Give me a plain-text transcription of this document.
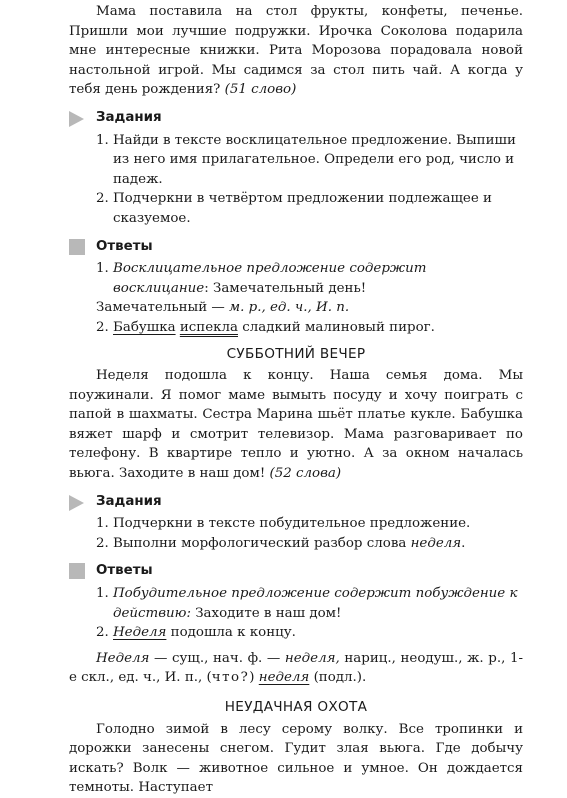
Мама поставила на стол фрукты, конфеты, печенье. Пришли мои лучшие подружки. Ирочка Соколова подарила мне интересные книжки. Рита Морозова порадовала новой настольной игрой. Мы садимся за стол пить чай. А когда у тебя день рождения? (51 слово)

Задания
1. Найди в тексте восклицательное предложение. Выпиши из него имя прилагательное. Определи его род, число и падеж.
2. Подчеркни в четвёртом предложении подлежащее и сказуемое.
Ответы
1. Восклицательное предложение содержит восклицание: Замечательный день!

Замечательный — м. р., ед. ч., И. п.

2. Бабушка испекла сладкий малиновый пирог.
СУББОТНИЙ ВЕЧЕР

Неделя подошла к концу. Наша семья дома. Мы поужинали. Я помог маме вымыть посуду и хочу поиграть с папой в шахматы. Сестра Марина шьёт платье кукле. Бабушка вяжет шарф и смотрит телевизор. Мама разговаривает по телефону. В квартире тепло и уютно. А за окном началась вьюга. Заходите в наш дом! (52 слова)

Задания
1. Подчеркни в тексте побудительное предложение.
2. Выполни морфологический разбор слова неделя.
Ответы
1. Побудительное предложение содержит побуждение к действию: Заходите в наш дом!
2. Неделя подошла к концу.

Неделя — сущ., нач. ф. — неделя, нариц., неодуш., ж. р., 1-е скл., ед. ч., И. п., (что?) неделя (подл.).

НЕУДАЧНАЯ ОХОТА

Голодно зимой в лесу серому волку. Все тропинки и дорожки занесены снегом. Гудит злая вьюга. Где добычу искать? Волк — животное сильное и умное. Он дождается темноты. Наступает
